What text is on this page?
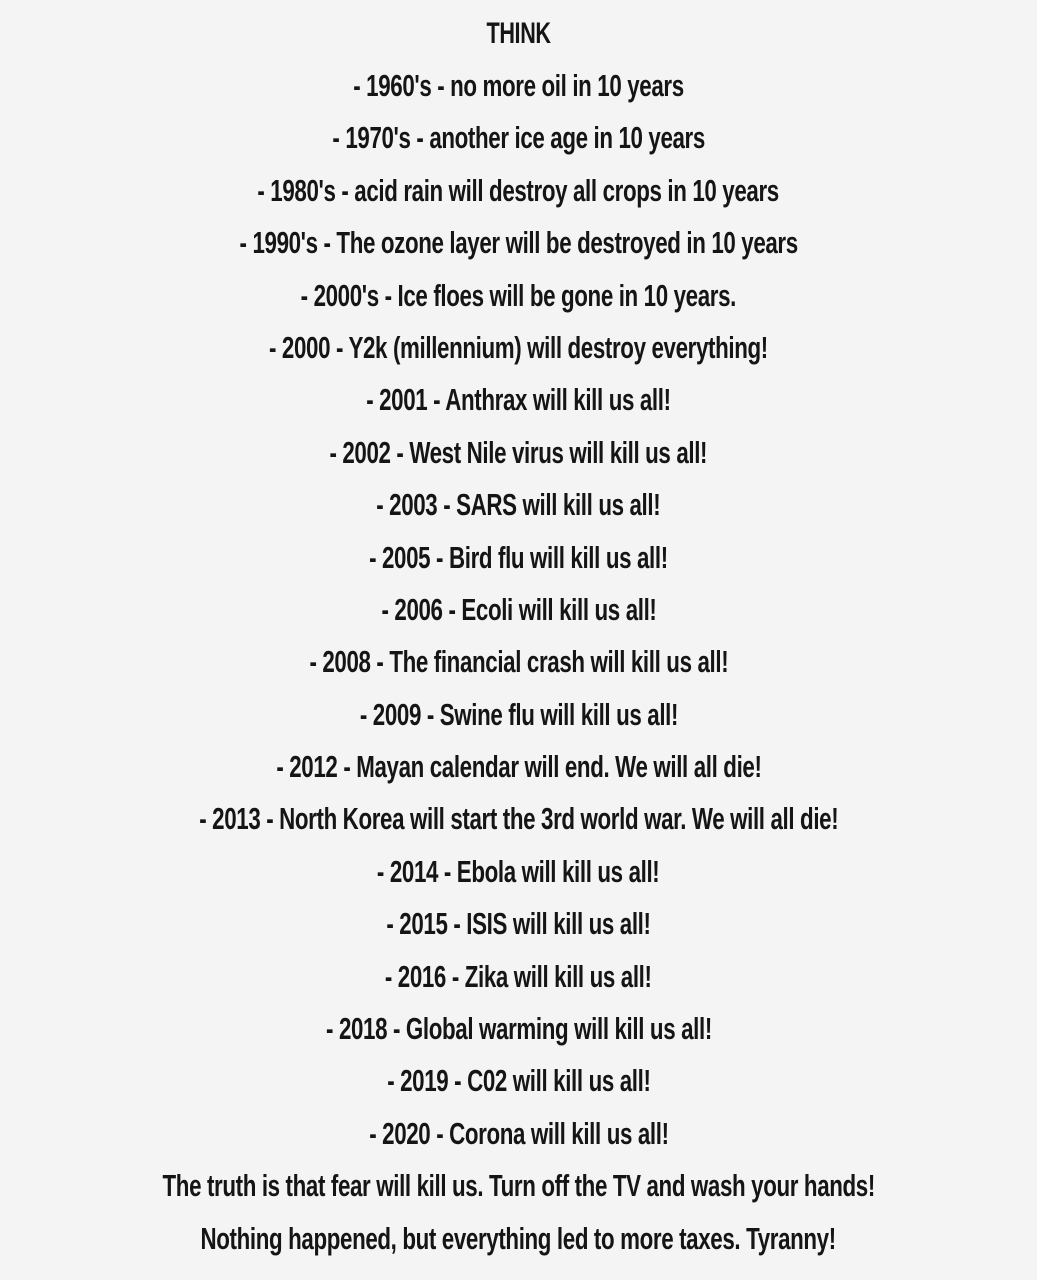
THINK
- 1960's - no more oil in 10 years
- 1970's - another ice age in 10 years
- 1980's - acid rain will destroy all crops in 10 years
- 1990's - The ozone layer will be destroyed in 10 years
- 2000's - Ice floes will be gone in 10 years.
- 2000 - Y2k (millennium) will destroy everything!
- 2001 - Anthrax will kill us all!
- 2002 - West Nile virus will kill us all!
- 2003 - SARS will kill us all!
- 2005 - Bird flu will kill us all!
- 2006 - Ecoli will kill us all!
- 2008 - The financial crash will kill us all!
- 2009 - Swine flu will kill us all!
- 2012 - Mayan calendar will end. We will all die!
- 2013 - North Korea will start the 3rd world war. We will all die!
- 2014 - Ebola will kill us all!
- 2015 - ISIS will kill us all!
- 2016 - Zika will kill us all!
- 2018 - Global warming will kill us all!
- 2019 - C02 will kill us all!
- 2020 - Corona will kill us all!
The truth is that fear will kill us. Turn off the TV and wash your hands!
Nothing happened, but everything led to more taxes. Tyranny!
